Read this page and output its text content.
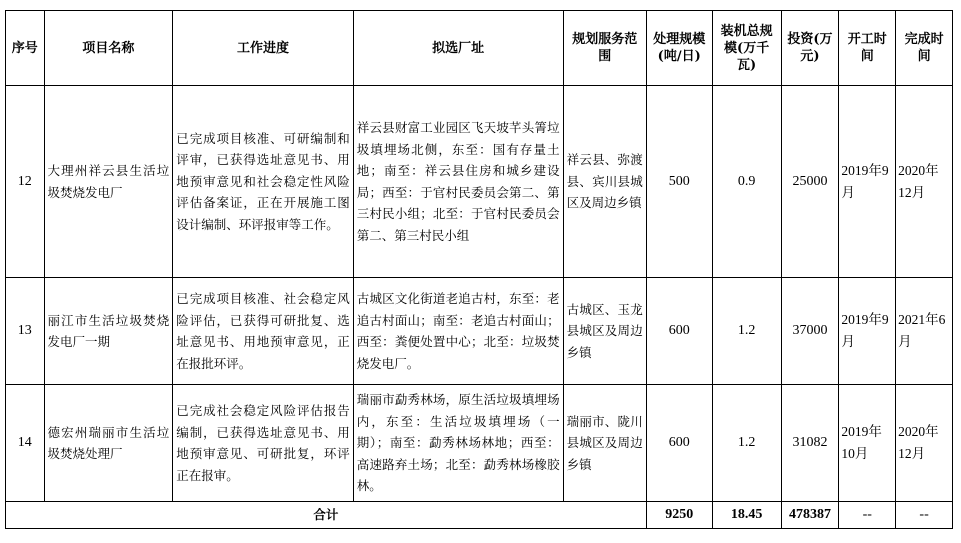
序号	项目名称	工作进度	拟选厂址	规划服务范围	处理规模(吨/日)	装机总规模(万千瓦)	投资(万元)	开工时间	完成时间
12	大理州祥云县生活垃圾焚烧发电厂	已完成项目核准、可研编制和评审，已获得选址意见书、用地预审意见和社会稳定性风险评估备案证，正在开展施工图设计编制、环评报审等工作。	祥云县财富工业园区飞天坡芊头箐垃圾填埋场北侧，东至：国有存量土地；南至：祥云县住房和城乡建设局；西至：于官村民委员会第二、第三村民小组；北至：于官村民委员会第二、第三村民小组	祥云县、弥渡县、宾川县城区及周边乡镇	500	0.9	25000	2019年9月	2020年12月
13	丽江市生活垃圾焚烧发电厂一期	已完成项目核准、社会稳定风险评估，已获得可研批复、选址意见书、用地预审意见，正在报批环评。	古城区文化街道老追古村，东至：老追古村面山；南至：老追古村面山；西至：粪便处置中心；北至：垃圾焚烧发电厂。	古城区、玉龙县城区及周边乡镇	600	1.2	37000	2019年9月	2021年6月
14	德宏州瑞丽市生活垃圾焚烧处理厂	已完成社会稳定风险评估报告编制，已获得选址意见书、用地预审意见、可研批复，环评正在报审。	瑞丽市勐秀林场，原生活垃圾填埋场内，东至：生活垃圾填埋场（一期）；南至：勐秀林场林地；西至：高速路弃土场；北至：勐秀林场橡胶林。	瑞丽市、陇川县城区及周边乡镇	600	1.2	31082	2019年10月	2020年12月
合计					9250	18.45	478387	--	--
